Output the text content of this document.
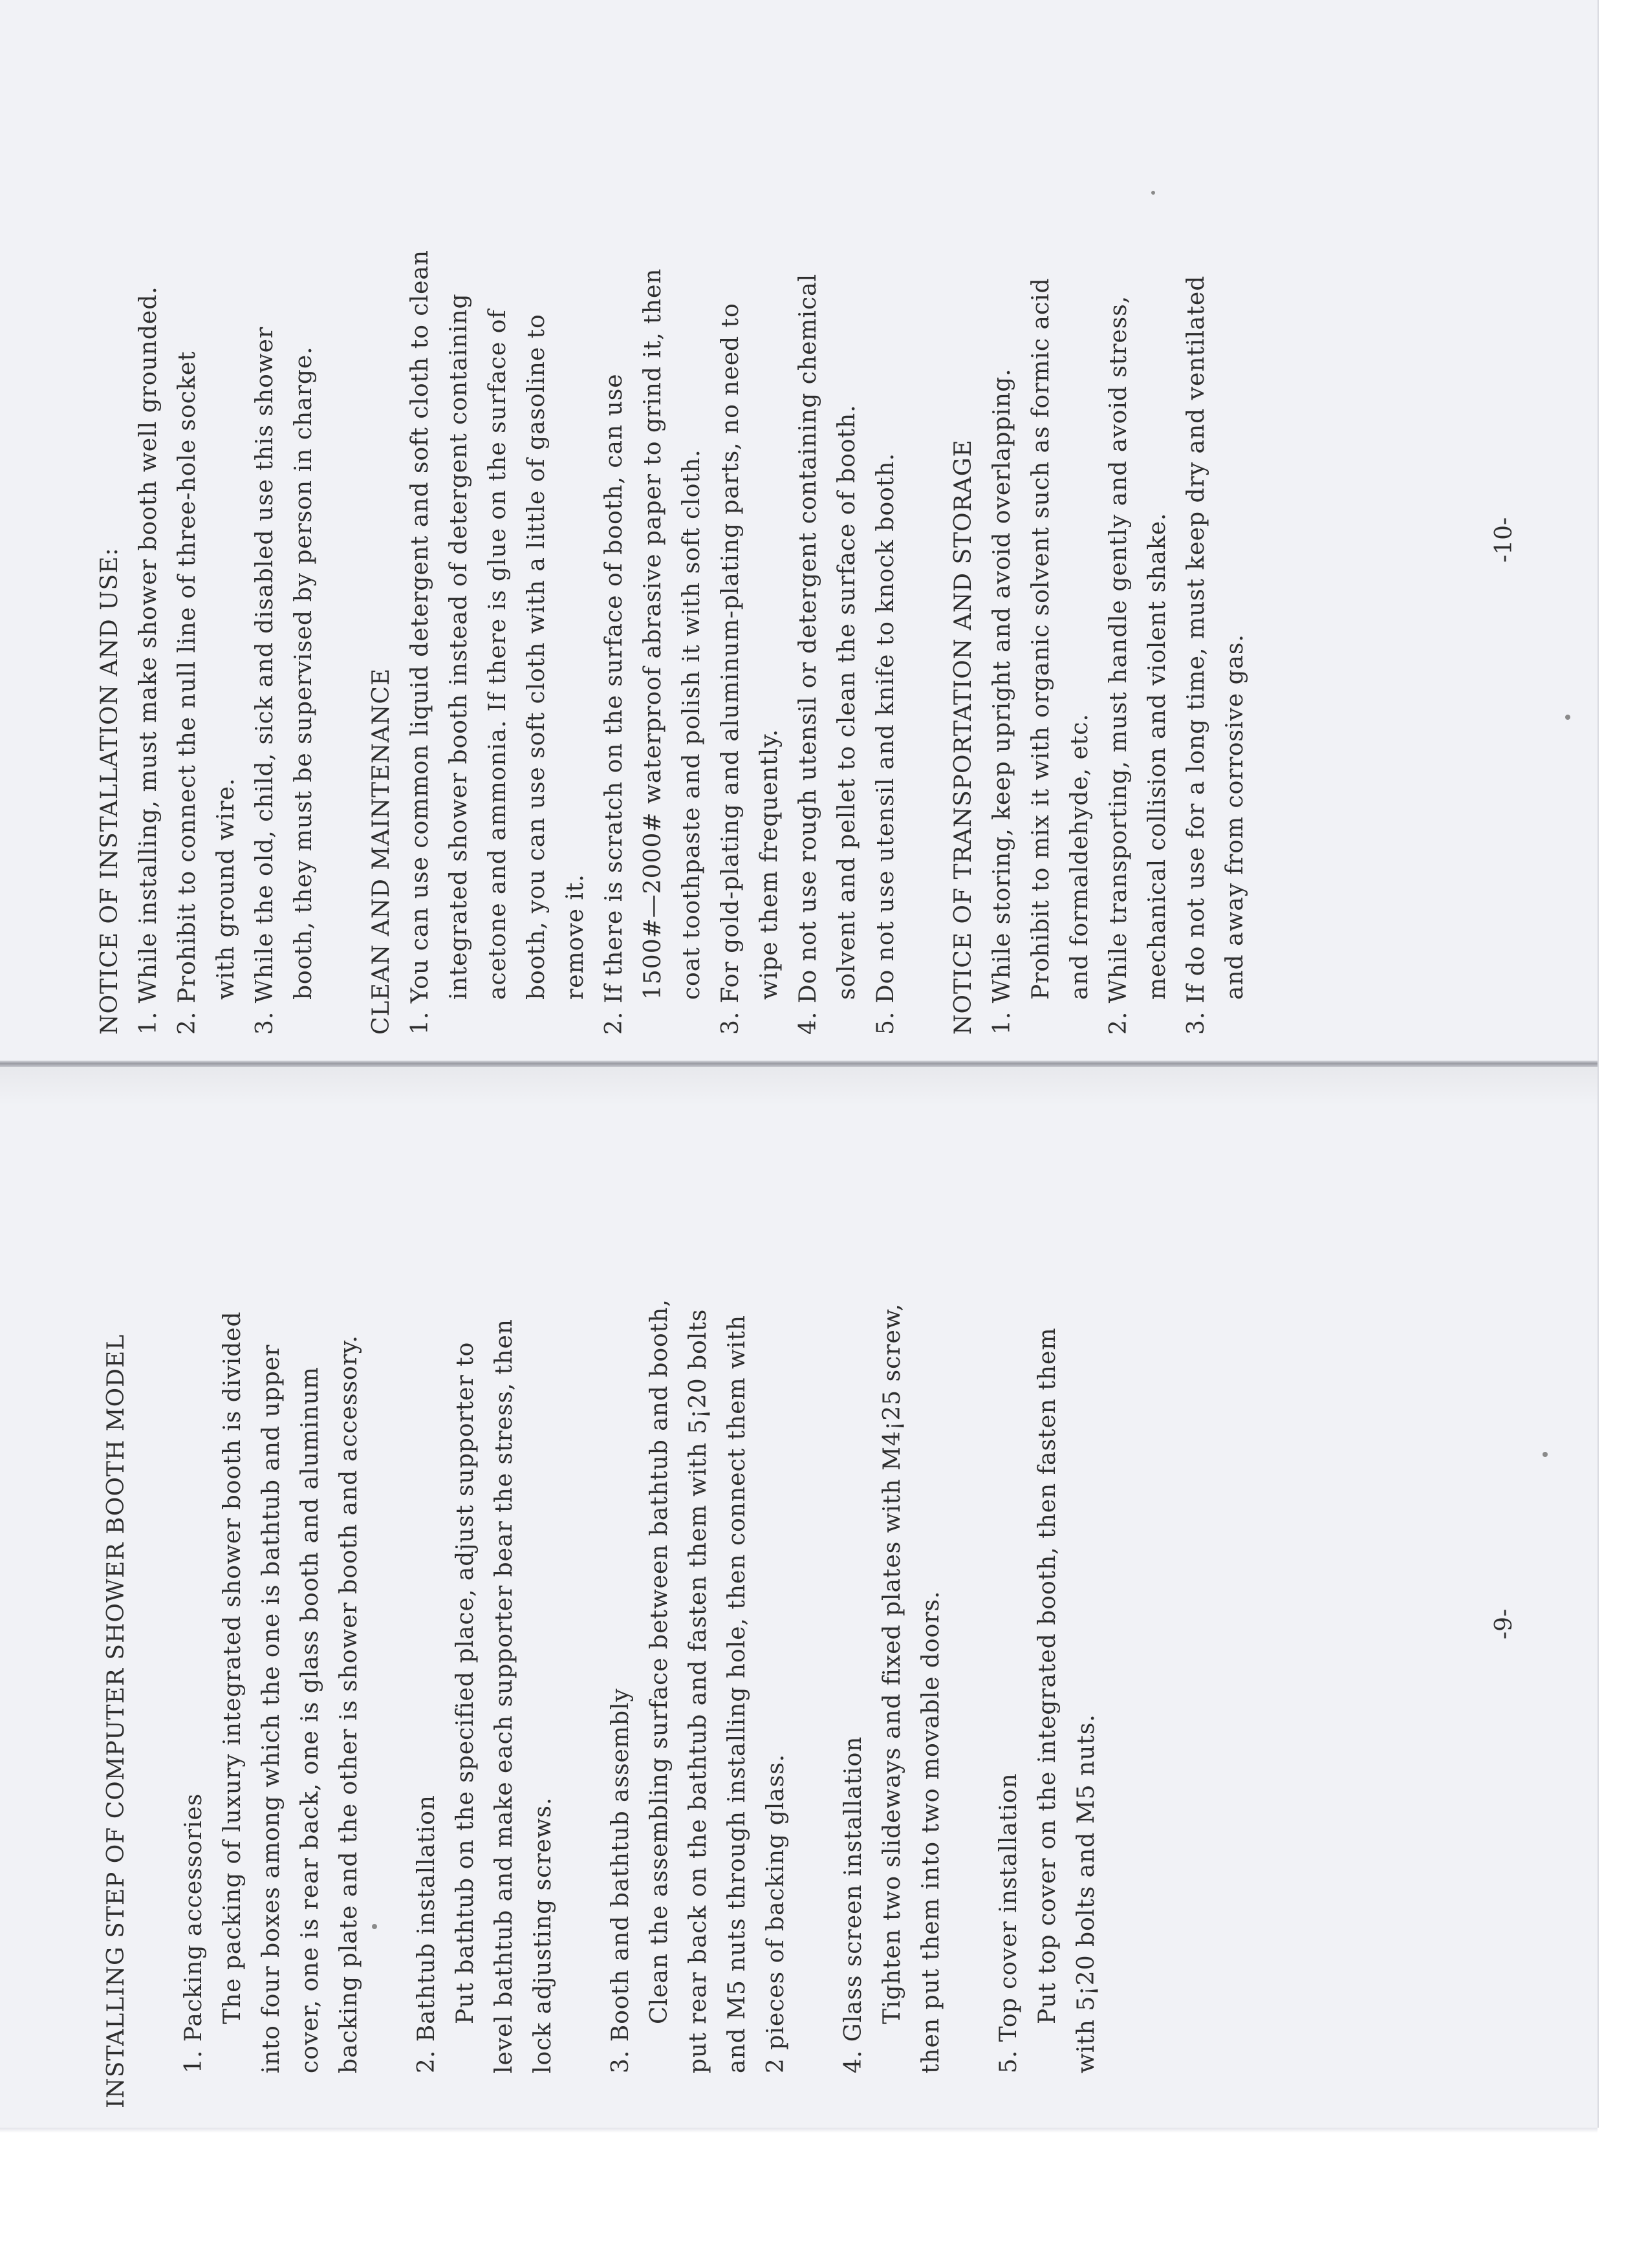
INSTALLING STEP OF COMPUTER SHOWER BOOTH MODEL 1. Packing accessories The packing of luxury integrated shower booth is divided into four boxes among which the one is bathtub and upper cover, one is rear back, one is glass booth and aluminum backing plate and the other is shower booth and accessory. 2. Bathtub installation Put bathtub on the specified place, adjust supporter to level bathtub and make each supporter bear the stress, then lock adjusting screws. 3. Booth and bathtub assembly Clean the assembling surface between bathtub and booth, put rear back on the bathtub and fasten them with 5¡20 bolts and M5 nuts through installing hole, then connect them with 2 pieces of backing glass. 4. Glass screen installation Tighten two slideways and fixed plates with M4¡25 screw, then put them into two movable doors. 5. Top cover installation Put top cover on the integrated booth, then fasten them with 5¡20 bolts and M5 nuts.

NOTICE OF INSTALLATION AND USE: 1. While installing, must make shower booth well grounded. 2. Prohibit to connect the null line of three-hole socket with ground wire. 3. While the old, child, sick and disabled use this shower booth, they must be supervised by person in charge. CLEAN AND MAINTENANCE 1. You can use common liquid detergent and soft cloth to clean integrated shower booth instead of detergent containing acetone and ammonia. If there is glue on the surface of booth, you can use soft cloth with a little of gasoline to remove it. 2. If there is scratch on the surface of booth, can use 1500#—2000# waterproof abrasive paper to grind it, then coat toothpaste and polish it with soft cloth. 3. For gold-plating and aluminum-plating parts, no need to wipe them frequently. 4. Do not use rough utensil or detergent containing chemical solvent and pellet to clean the surface of booth. 5. Do not use utensil and knife to knock booth. NOTICE OF TRANSPORTATION AND STORAGE 1. While storing, keep upright and avoid overlapping. Prohibit to mix it with organic solvent such as formic acid and formaldehyde, etc. 2. While transporting, must handle gently and avoid stress, mechanical collision and violent shake. 3. If do not use for a long time, must keep dry and ventilated and away from corrosive gas.

-9-
-10-
